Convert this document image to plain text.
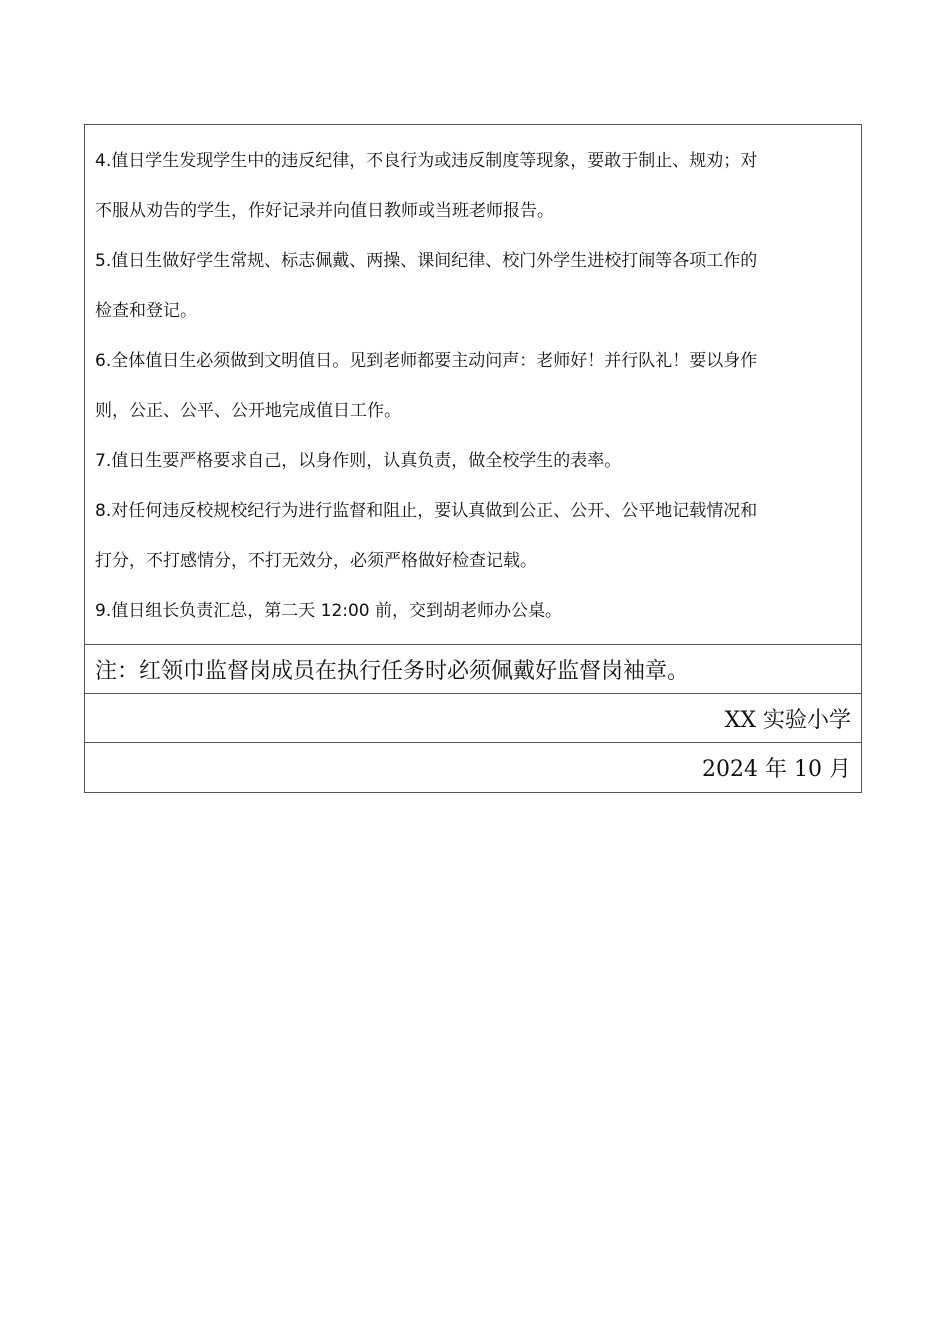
4.值日学生发现学生中的违反纪律，不良行为或违反制度等现象，要敢于制止、规劝；对

不服从劝告的学生，作好记录并向值日教师或当班老师报告。

5.值日生做好学生常规、标志佩戴、两操、课间纪律、校门外学生进校打闹等各项工作的

检查和登记。

6.全体值日生必须做到文明值日。见到老师都要主动问声：老师好！并行队礼！要以身作

则，公正、公平、公开地完成值日工作。

7.值日生要严格要求自己，以身作则，认真负责，做全校学生的表率。

8.对任何违反校规校纪行为进行监督和阻止，要认真做到公正、公开、公平地记载情况和

打分，不打感情分，不打无效分，必须严格做好检查记载。

9.值日组长负责汇总，第二天 12:00 前，交到胡老师办公桌。

注：红领巾监督岗成员在执行任务时必须佩戴好监督岗袖章。
XX 实验小学
2024 年 10 月
